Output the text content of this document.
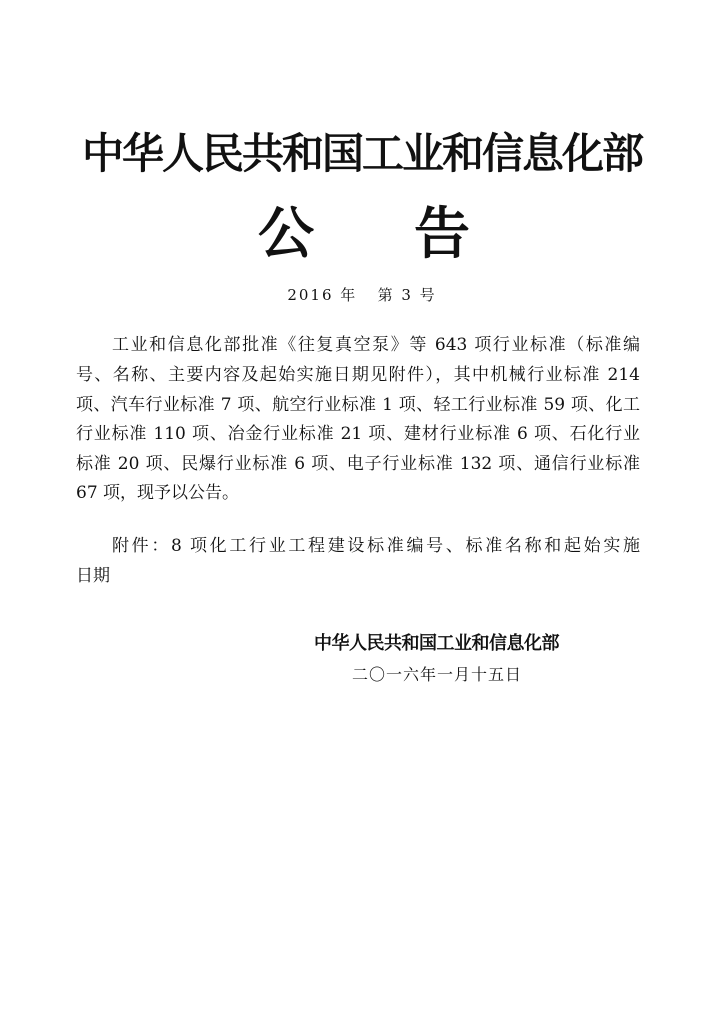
中华人民共和国工业和信息化部
公 告
2016 年   第 3 号
工业和信息化部批准《往复真空泵》等 643 项行业标准（标准编
号、名称、主要内容及起始实施日期见附件），其中机械行业标准 214
项、汽车行业标准 7 项、航空行业标准 1 项、轻工行业标准 59 项、化工
行业标准 110 项、冶金行业标准 21 项、建材行业标准 6 项、石化行业
标准 20 项、民爆行业标准 6 项、电子行业标准 132 项、通信行业标准
67 项，现予以公告。
附件：8 项化工行业工程建设标准编号、标准名称和起始实施
日期
中华人民共和国工业和信息化部
二〇一六年一月十五日
